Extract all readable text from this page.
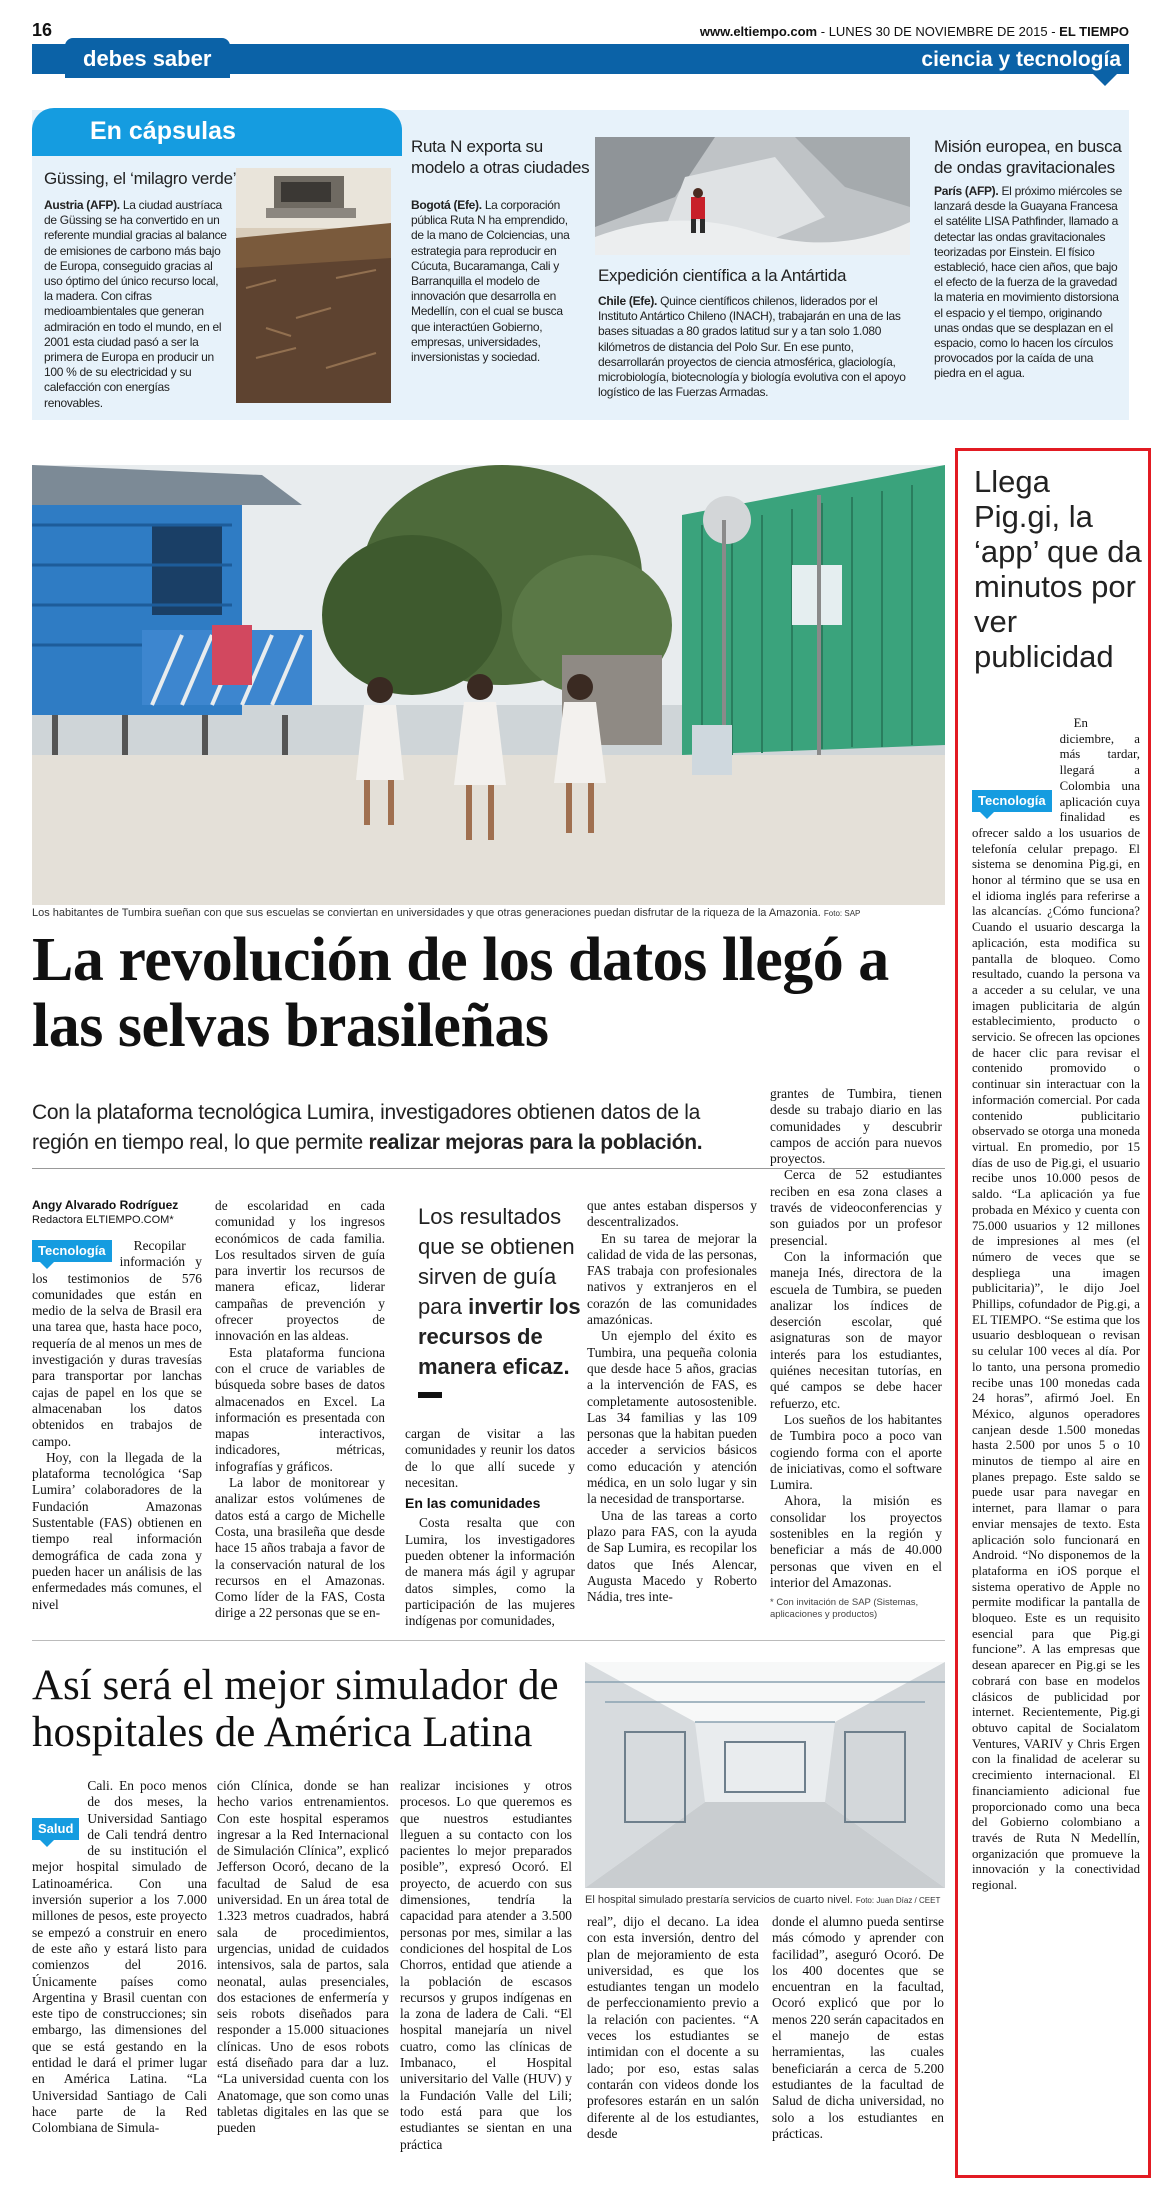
16	www.eltiempo.com - LUNES 30 DE NOVIEMBRE DE 2015 - EL TIEMPO
debes saber	ciencia y tecnología
En cápsulas
Güssing, el ‘milagro verde’
Austria (AFP). La ciudad austríaca de Güssing se ha convertido en un referente mundial gracias al balance de emisiones de carbono más bajo de Europa, conseguido gracias al uso óptimo del único recurso local, la madera. Con cifras medioambientales que generan admiración en todo el mundo, en el 2001 esta ciudad pasó a ser la primera de Europa en producir un 100 % de su electricidad y su calefacción con energías renovables.
Ruta N exporta su modelo a otras ciudades
Bogotá (Efe). La corporación pública Ruta N ha emprendido, de la mano de Colciencias, una estrategia para reproducir en Cúcuta, Bucaramanga, Cali y Barranquilla el modelo de innovación que desarrolla en Medellín, con el cual se busca que interactúen Gobierno, empresas, universidades, inversionistas y sociedad.
Expedición científica a la Antártida
Chile (Efe). Quince científicos chilenos, liderados por el Instituto Antártico Chileno (INACH), trabajarán en una de las bases situadas a 80 grados latitud sur y a tan solo 1.080 kilómetros de distancia del Polo Sur. En ese punto, desarrollarán proyectos de ciencia atmosférica, glaciología, microbiología, biotecnología y biología evolutiva con el apoyo logístico de las Fuerzas Armadas.
Misión europea, en busca de ondas gravitacionales
París (AFP). El próximo miércoles se lanzará desde la Guayana Francesa el satélite LISA Pathfinder, llamado a detectar las ondas gravitacionales teorizadas por Einstein. El físico estableció, hace cien años, que bajo el efecto de la fuerza de la gravedad la materia en movimiento distorsiona el espacio y el tiempo, originando unas ondas que se desplazan en el espacio, como lo hacen los círculos provocados por la caída de una piedra en el agua.
Los habitantes de Tumbira sueñan con que sus escuelas se conviertan en universidades y que otras generaciones puedan disfrutar de la riqueza de la Amazonia. Foto: SAP
La revolución de los datos llegó a las selvas brasileñas
Con la plataforma tecnológica Lumira, investigadores obtienen datos de la región en tiempo real, lo que permite realizar mejoras para la población.
Angy Alvarado Rodríguez
Redactora ELTIEMPO.COM*
Tecnología	Recopilar información y los testimonios de 576 comunidades que están en medio de la selva de Brasil era una tarea que, hasta hace poco, requería de al menos un mes de investigación y duras travesías para transportar por lanchas cajas de papel en los que se almacenaban los datos obtenidos en trabajos de campo.

Hoy, con la llegada de la plataforma tecnológica ‘Sap Lumira’ colaboradores de la Fundación Amazonas Sustentable (FAS) obtienen en tiempo real información demográfica de cada zona y pueden hacer un análisis de las enfermedades más comunes, el nivel

de escolaridad en cada comunidad y los ingresos económicos de cada familia. Los resultados sirven de guía para invertir los recursos de manera eficaz, liderar campañas de prevención y ofrecer proyectos de innovación en las aldeas.

Esta plataforma funciona con el cruce de variables de búsqueda sobre bases de datos almacenados en Excel. La información es presentada con mapas interactivos, indicadores, métricas, infografías y gráficos.

La labor de monitorear y analizar estos volúmenes de datos está a cargo de Michelle Costa, una brasileña que desde hace 15 años trabaja a favor de la conservación natural de los recursos en el Amazonas. Como líder de la FAS, Costa dirige a 22 personas que se en-

Los resultados que se obtienen sirven de guía para invertir los recursos de manera eficaz.

cargan de visitar a las comunidades y reunir los datos de lo que allí sucede y necesitan.

En las comunidades

Costa resalta que con Lumira, los investigadores pueden obtener la información de manera más ágil y agrupar datos simples, como la participación de las mujeres indígenas por comunidades,

que antes estaban dispersos y descentralizados.

En su tarea de mejorar la calidad de vida de las personas, FAS trabaja con profesionales nativos y extranjeros en el corazón de las comunidades amazónicas.

Un ejemplo del éxito es Tumbira, una pequeña colonia que desde hace 5 años, gracias a la intervención de FAS, es completamente autosostenible. Las 34 familias y las 109 personas que la habitan pueden acceder a servicios básicos como educación y atención médica, en un solo lugar y sin la necesidad de transportarse.

Una de las tareas a corto plazo para FAS, con la ayuda de Sap Lumira, es recopilar los datos que Inés Alencar, Augusta Macedo y Roberto Nádia, tres inte-

grantes de Tumbira, tienen desde su trabajo diario en las comunidades y descubrir campos de acción para nuevos proyectos.

Cerca de 52 estudiantes reciben en esa zona clases a través de videoconferencias y son guiados por un profesor presencial.

Con la información que maneja Inés, directora de la escuela de Tumbira, se pueden analizar los índices de deserción escolar, qué asignaturas son de mayor interés para los estudiantes, quiénes necesitan tutorías, en qué campos se debe hacer refuerzo, etc.

Los sueños de los habitantes de Tumbira poco a poco van cogiendo forma con el aporte de iniciativas, como el software Lumira.

Ahora, la misión es consolidar los proyectos sostenibles en la región y beneficiar a más de 40.000 personas que viven en el interior del Amazonas.

* Con invitación de SAP (Sistemas, aplicaciones y productos)
Así será el mejor simulador de hospitales de América Latina
El hospital simulado prestaría servicios de cuarto nivel. Foto: Juan Díaz / CEET
Salud

Cali. En poco menos de dos meses, la Universidad Santiago de Cali tendrá dentro de su institución el mejor hospital simulado de Latinoamérica. Con una inversión superior a los 7.000 millones de pesos, este proyecto se empezó a construir en enero de este año y estará listo para comienzos del 2016. Únicamente países como Argentina y Brasil cuentan con este tipo de construcciones; sin embargo, las dimensiones del que se está gestando en la entidad le dará el primer lugar en América Latina. “La Universidad Santiago de Cali hace parte de la Red Colombiana de Simula-

ción Clínica, donde se han hecho varios entrenamientos. Con este hospital esperamos ingresar a la Red Internacional de Simulación Clínica”, explicó Jefferson Ocoró, decano de la facultad de Salud de esa universidad. En un área total de 1.323 metros cuadrados, habrá sala de procedimientos, urgencias, unidad de cuidados intensivos, sala de partos, sala neonatal, aulas presenciales, dos estaciones de enfermería y seis robots diseñados para responder a 15.000 situaciones clínicas. Uno de esos robots está diseñado para dar a luz. “La universidad cuenta con los Anatomage, que son como unas tabletas digitales en las que se pueden

realizar incisiones y otros procesos. Lo que queremos es que nuestros estudiantes lleguen a su contacto con los pacientes lo mejor preparados posible”, expresó Ocoró. El proyecto, de acuerdo con sus dimensiones, tendría la capacidad para atender a 3.500 personas por mes, similar a las condiciones del hospital de Los Chorros, entidad que atiende a la población de escasos recursos y grupos indígenas en la zona de ladera de Cali. “El hospital manejaría un nivel cuatro, como las clínicas de Imbanaco, el Hospital universitario del Valle (HUV) y la Fundación Valle del Lili; todo está para que los estudiantes se sientan en una práctica

real”, dijo el decano. La idea con esta inversión, dentro del plan de mejoramiento de esta universidad, es que los estudiantes tengan un modelo de perfeccionamiento previo a la relación con pacientes. “A veces los estudiantes se intimidan con el docente a su lado; por eso, estas salas contarán con videos donde los profesores estarán en un salón diferente al de los estudiantes, desde

donde el alumno pueda sentirse más cómodo y aprender con facilidad”, aseguró Ocoró. De los 400 docentes que se encuentran en la facultad, Ocoró explicó que por lo menos 220 serán capacitados en el manejo de estas herramientas, las cuales beneficiarán a cerca de 5.200 estudiantes de la facultad de Salud de dicha universidad, no solo a los estudiantes en prácticas.

Llega Pig.gi, la ‘app’ que da minutos por ver publicidad
Tecnología

En diciembre, a más tardar, llegará a Colombia una aplicación cuya finalidad es ofrecer saldo a los usuarios de telefonía celular prepago. El sistema se denomina Pig.gi, en honor al término que se usa en el idioma inglés para referirse a las alcancías. ¿Cómo funciona? Cuando el usuario descarga la aplicación, esta modifica su pantalla de bloqueo. Como resultado, cuando la persona va a acceder a su celular, ve una imagen publicitaria de algún establecimiento, producto o servicio. Se ofrecen las opciones de hacer clic para revisar el contenido promovido o continuar sin interactuar con la información comercial. Por cada contenido publicitario observado se otorga una moneda virtual. En promedio, por 15 días de uso de Pig.gi, el usuario recibe unos 10.000 pesos de saldo. “La aplicación ya fue probada en México y cuenta con 75.000 usuarios y 12 millones de impresiones al mes (el número de veces que se despliega una imagen publicitaria)”, le dijo Joel Phillips, cofundador de Pig.gi, a EL TIEMPO. “Se estima que los usuario desbloquean o revisan su celular 100 veces al día. Por lo tanto, una persona promedio recibe unas 100 monedas cada 24 horas”, afirmó Joel. En México, algunos operadores canjean desde 1.500 monedas hasta 2.500 por unos 5 o 10 minutos de tiempo al aire en planes prepago. Este saldo se puede usar para navegar en internet, para llamar o para enviar mensajes de texto. Esta aplicación solo funcionará en Android. “No disponemos de la plataforma en iOS porque el sistema operativo de Apple no permite modificar la pantalla de bloqueo. Este es un requisito esencial para que Pig.gi funcione”. A las empresas que desean aparecer en Pig.gi se les cobrará con base en modelos clásicos de publicidad por internet. Recientemente, Pig.gi obtuvo capital de Socialatom Ventures, VARIV y Chris Ergen con la finalidad de acelerar su crecimiento internacional. El financiamiento adicional fue proporcionado como una beca del Gobierno colombiano a través de Ruta N Medellín, organización que promueve la innovación y la conectividad regional.
